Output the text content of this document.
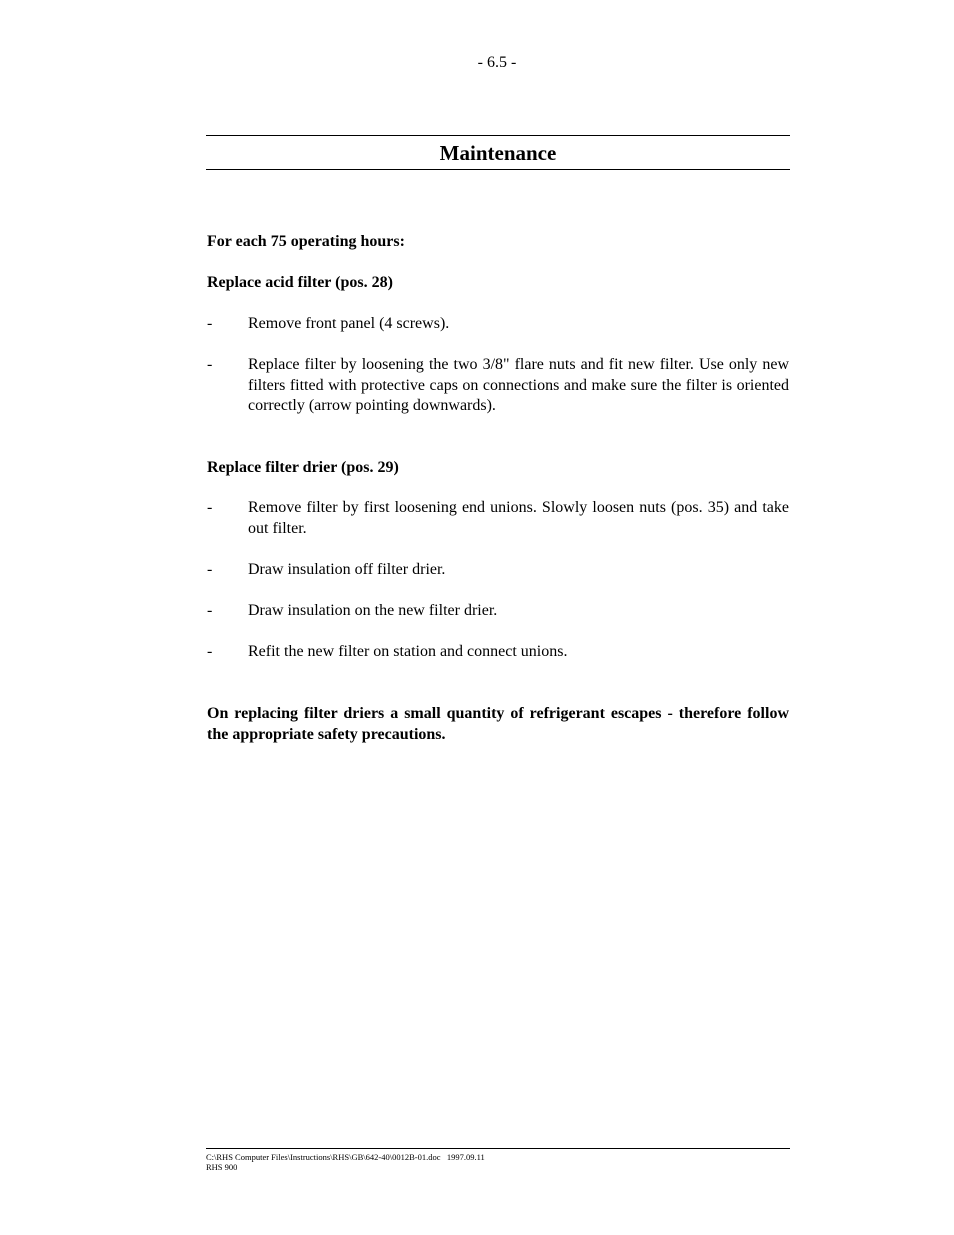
- 6.5 -
Maintenance
For each 75 operating hours:
Replace acid filter (pos. 28)
- Remove front panel (4 screws).
- Replace filter by loosening the two 3/8" flare nuts and fit new filter. Use only new filters fitted with protective caps on connections and make sure the filter is oriented correctly (arrow pointing downwards).
Replace filter drier (pos. 29)
- Remove filter by first loosening end unions. Slowly loosen nuts (pos. 35) and take out filter.
- Draw insulation off filter drier.
- Draw insulation on the new filter drier.
- Refit the new filter on station and connect unions.
On replacing filter driers a small quantity of refrigerant escapes - therefore follow the appropriate safety precautions.
C:\RHS Computer Files\Instructions\RHS\GB\642-40\0012B-01.doc   1997.09.11
RHS 900
